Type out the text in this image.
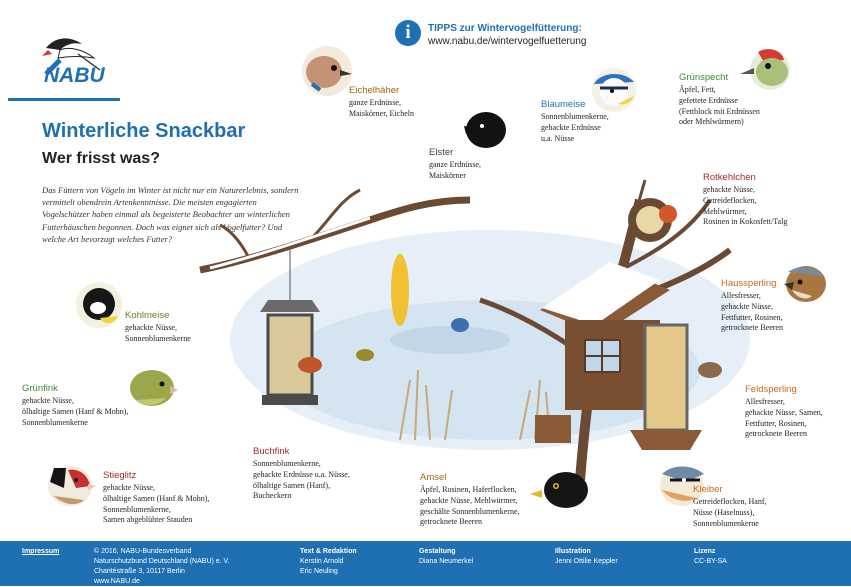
NABU
i	TIPPS zur Wintervogelfütterung:
www.nabu.de/wintervogelfuetterung
Winterliche Snackbar
Wer frisst was?
Das Füttern von Vögeln im Winter ist nicht nur ein Naturerlebnis, sondern vermittelt obendrein Artenkenntnisse. Die meisten engagierten Vogelschützer haben einmal als begeisterte Beobachter am winterlichen Futterhäuschen begonnen. Doch was eignet sich als Vogelfutter? Und welche Art bevorzugt welches Futter?
Eichelhäher
ganze Erdnüsse,
Maiskörner, Eicheln
Elster
ganze Erdnüsse,
Maiskörner
Blaumeise
Sonnenblumenkerne,
gehackte Erdnüsse
u.a. Nüsse
Grünspecht
Äpfel, Fett,
gefettete Erdnüsse
(Fettblock mit Erdnüssen
oder Mehlwürmern)
Rotkehlchen
gehackte Nüsse,
Getreideflocken,
Mehlwürmer,
Rosinen in Kokosfett/Talg
Haussperling
Allesfresser,
gehackte Nüsse,
Fettfutter, Rosinen,
getrocknete Beeren
Kohlmeise
gehackte Nüsse,
Sonnenblumenkerne
Grünfink
gehackte Nüsse,
ölhaltige Samen (Hanf & Mohn),
Sonnenblumenkerne
Feldsperling
Allesfresser,
gehackte Nüsse, Samen,
Fettfutter, Rosinen,
getrocknete Beeren
Buchfink
Sonnenblumenkerne,
gehackte Erdnüsse u.a. Nüsse,
ölhaltige Samen (Hanf),
Bucheckern
Stieglitz
gehackte Nüsse,
ölhaltige Samen (Hanf & Mohn),
Sonnenblumenkerne,
Samen abgeblühter Stauden
Amsel
Äpfel, Rosinen, Haferflocken,
gehackte Nüsse, Mehlwürmer,
geschälte Sonnenblumenkerne,
getrocknete Beeren
Kleiber
Getreideflocken, Hanf,
Nüsse (Haselnuss),
Sonnenblumenkerne
Impressum	© 2016, NABU-Bundesverband
Naturschutzbund Deutschland (NABU) e. V.
Charitéstraße 3, 10117 Berlin
www.NABU.de
Text & Redaktion
Kerstin Arnold
Eric Neuling
Gestaltung
Diana Neumerkel
Illustration
Jenni Ottilie Keppler
Lizenz
CC-BY-SA
